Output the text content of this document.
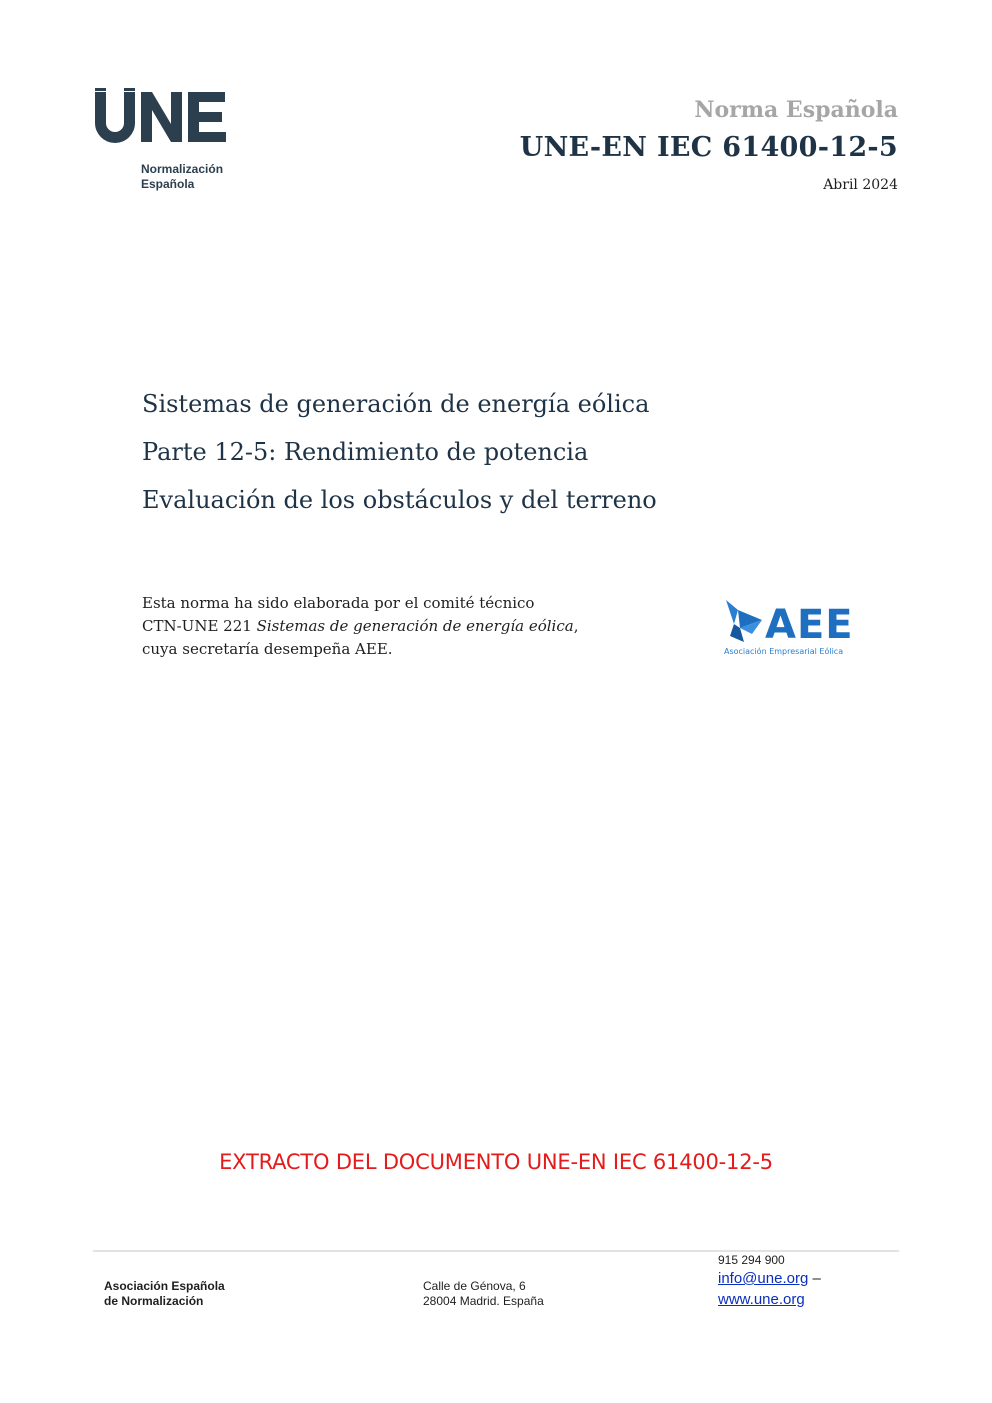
Normalización
Española
Norma Española
UNE-EN IEC 61400-12-5
Abril 2024
Sistemas de generación de energía eólica
Parte 12-5: Rendimiento de potencia
Evaluación de los obstáculos y del terreno
Esta norma ha sido elaborada por el comité técnico
CTN-UNE 221 Sistemas de generación de energía eólica,
cuya secretaría desempeña AEE.
AEE
Asociación Empresarial Eólica
EXTRACTO DEL DOCUMENTO UNE-EN IEC 61400-12-5
Asociación Española
de Normalización
Calle de Génova, 6
28004 Madrid. España
915 294 900
info@une.org –
www.une.org
